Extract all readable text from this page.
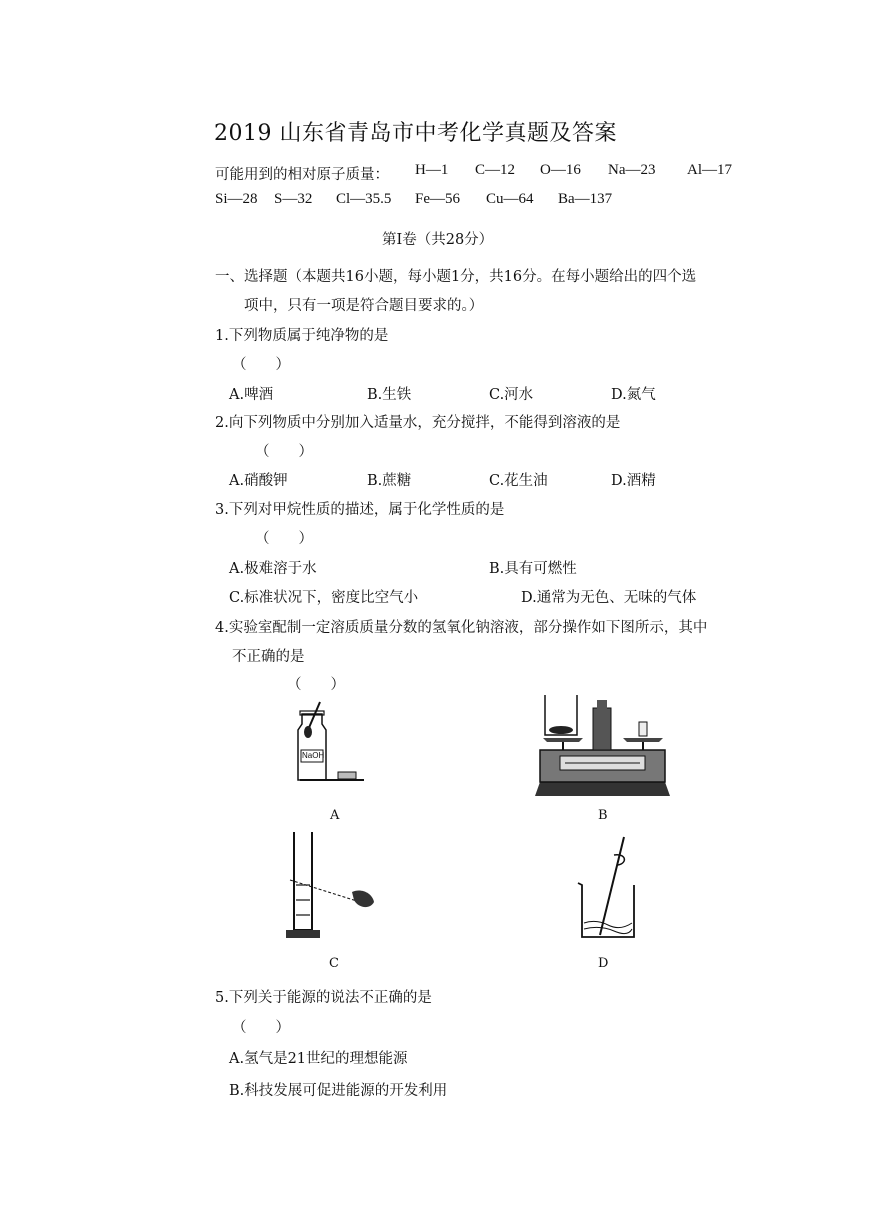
2019 山东省青岛市中考化学真题及答案
可能用到的相对原子质量： H—1 C—12 O—16 Na—23 Al—17
Si—28 S—32 Cl—35.5 Fe—56 Cu—64 Ba—137
第Ⅰ卷（共28分）
一、选择题（本题共16小题，每小题1分，共16分。在每小题给出的四个选
项中，只有一项是符合题目要求的。）
1.下列物质属于纯净物的是
（　　）
A.啤酒	B.生铁	C.河水	D.氮气
2.向下列物质中分别加入适量水，充分搅拌，不能得到溶液的是
（　　）
A.硝酸钾	B.蔗糖	C.花生油	D.酒精
3.下列对甲烷性质的描述，属于化学性质的是
（　　）
A.极难溶于水	B.具有可燃性
C.标准状况下，密度比空气小	D.通常为无色、无味的气体
4.实验室配制一定溶质质量分数的氢氧化钠溶液，部分操作如下图所示，其中
不正确的是
（　　）
NaOH
A	B
C	D
5.下列关于能源的说法不正确的是
（　　）
A.氢气是21世纪的理想能源
B.科技发展可促进能源的开发利用
